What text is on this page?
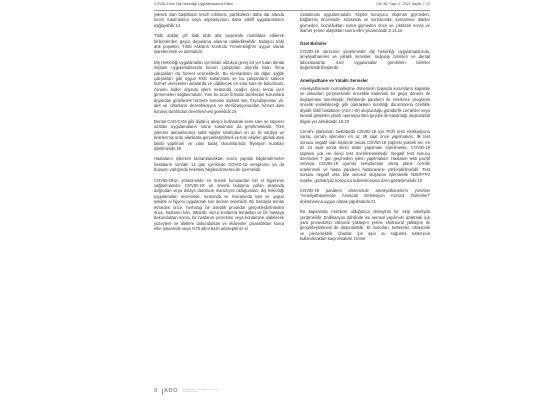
COVID-19'un Diş Hekimliği Uygulamalarına Etkisi	Cilt: 50, Sayı: 1, 2021 Sayfa: 7-12

yüksek olan başlıkların tercih edilmesi, partiküllerin daha dar alanda sınırlı tutulmasına veya aspirasyonun daha etkilif uygulanmasını sağlayabilir.14

Tıbbi atıklar çift katlı tıbbi atık poşetinde muhafaza edilerek birikimlerden geçici depolama alanına nakledilmelidir. Bulaşıcı tıbbi atık poşetleri, Tıbbi Atıkların Kontrolü Yönetmeliği'ne uygun olarak işaretlenmeli ve atılmalıdır.

Diş Hekimliği uygulamaları içerisinde oldukça geniş bir yer tutan dental implant uygulamalarında kurum çalışanları dışında lisan firma çalışanları da hizmet vermektedir. Bu elemanların da diğer sağlık çalışanları gibi uygun KKE kullanması ve bu çalışanların sadece hizmet verecekleri alanlarda ve olabilecek en kısa süre ile bulunması, zorunlu haller dışında işlem sırasında ocağın çıkışı tercai içeri girmemeleri sağlanmalıdır. Yine bu tıcari firmalar tarafından kurumlara dışarıdan getirilecek hizmete sunulan implant seti, fizyodispenser vb. alet ve cihazların dezenfeksiyon ve sterilizasyonundan hizmet alan kuruluş tarafından denetlenmesi gereklidir.19

Dental CAD-CAM gibi dijital iş akışını kullanarak sene süre ve sayısını azaltan uygulamaların rutine sokulması da gerekmektedir. Tüm işlemler tamamlanmış sabit sipşler tarafından en az iki vardiya ve belirlenmiş ürün alanlarda gerçekleştirilmeli ve tüm ekipleri günlük ateş takibi yapılmalı ve ciasi bulaş durumlarında filyasyon kuralları işletilmelidir.19

Hastaların işlemleri tamamlandıktan sonra yapılan bilgilendirmeler hastaların sonraki 14 gün içerisinde COVID-19 semptomu ya da bulaşını varlığında hekimini bilgilendirmesini de içermelidir.

COVID-19'un yönetiminde en önemli konulardan biri el hijyeninin sağlanmasıdır. COVID-19' un önemli bulaşma yolları arasında doğrudan veya dolaylı damlacık maruziyeti olduğundan, diş hekimliği uygulamaları öncesinde, sırasında ve sonrasında tam ve uygun şekilde el hijyeni uygulamak son derece önemlidir. Bir hastayla temas etmeden önce, herhangi bir aseptik prosedür gerçekleştirilmeden önce, hastanın kan, tükürük, vücut sıvılarına temastan ve bir hastaya dokunduktan sonra, bir hastanın çevresine veya kontamine olabilecek yüzeylere ve aletlere dokunduktan ve eldivenler çıkarıldıktan sonra eller yıkanmalı veya %70 alkol bazlı antiseptik ile el

ovalamaısı uygulanmalıdır. Kişisel koruyucu ekipman giymeden, bağlantısı öncesinde, sırasında ve sonrasında, kontamine alanlar giymeden, bozulduktan sonra giymeden önce ve çıktıktan sonra ve ikamet yerine ulaştıktan sonra eller yıkanmalıdır.2,14,15

Özel Birimler

COVID-19 sürecinin yönetiminde diş hekimliği uygulamalarında, ameliyathaneler ve yataklı servisler, radyoloji birimleri ve dental laboratuvarlar özel uygulamalar gerekliren birimler değerlendirilmişlerdir.

Ameliyathane ve Yataklı Servisler

Ameliyathanede normalleşme döneminin başında kurumların kapasite ve imkanları çerçevesinde öncelikle kademeli bir geçiş dönemi ile başlanması önerilmiştir. Rehberde pandemi ile ertelenen programlı öncelik verilebileceği gibi olanakların kısıtlılığı durumlarına özellikle diyalis riskli hastaların (ASA I-III) oluşturduğu günübirlik cerrahiler veya tanısal girişimler planlı operasyonlara geçişte ilk basamağı oluşturabilir bilgisi yer almaktadır.19,20

Cerrahi planlanan hastalarda COVID-19 için PCR testi endikasyonu varsa, cerrahi işlemden en az 48 saat önce yapılmalıdır. İlk test sonucu negatif olan kişilerde ancak COVID-19 şüphesi yüksek ise, en az 24 saat sonra ikinci testin yapılması önerilmekte, COVID-19 şüphesi yok ise ikinci test önerilmemektedir. Negatif test sonucu üzerinden 7 gün geçmeden işlem yapılmalıdır. Hastanın testi pozitif ve/veya COVID-19 uyumlu semptomları varsa planlı cerrahi ertelenmeli ve hasta pandemi hastanesine yönlendirilmelidir. Test sonucu negatif olsa bile aerosol oluşturan işlemlerde N95/FFP2 maske, gözlük/yüz koruyucu kullanılmasına özen gösterilmelidir.19

COVID-19 pandemi döneminde ameliyathanelerin yönetimi "Ameliyathanelerde Alınacak Enfeksiyon Kontrol Önlemleri" dokümanına uygun olarak yapılmalıdır.21

Bu kapsamda mümkün olduğunca deneyimli bir ekip ameliyatı yürütmelidir. Endikasyon dahilinde ise aerosol yayılımını azaltmak için yara prosedürün intraoral yaklaşım yerine ekstraoral yaklaşım ile gerçekleştirilmesi de düşünülebilir. El motorları, testereler, ultrasonik ve piezoelektrik cihazlar için aşırı su soğutma sisteminin kullanılmaktan kaçınılmalıdır. Döner

8 ADO Klinik Bilimler Dergisi ADO Journal of Clinical Sciences
